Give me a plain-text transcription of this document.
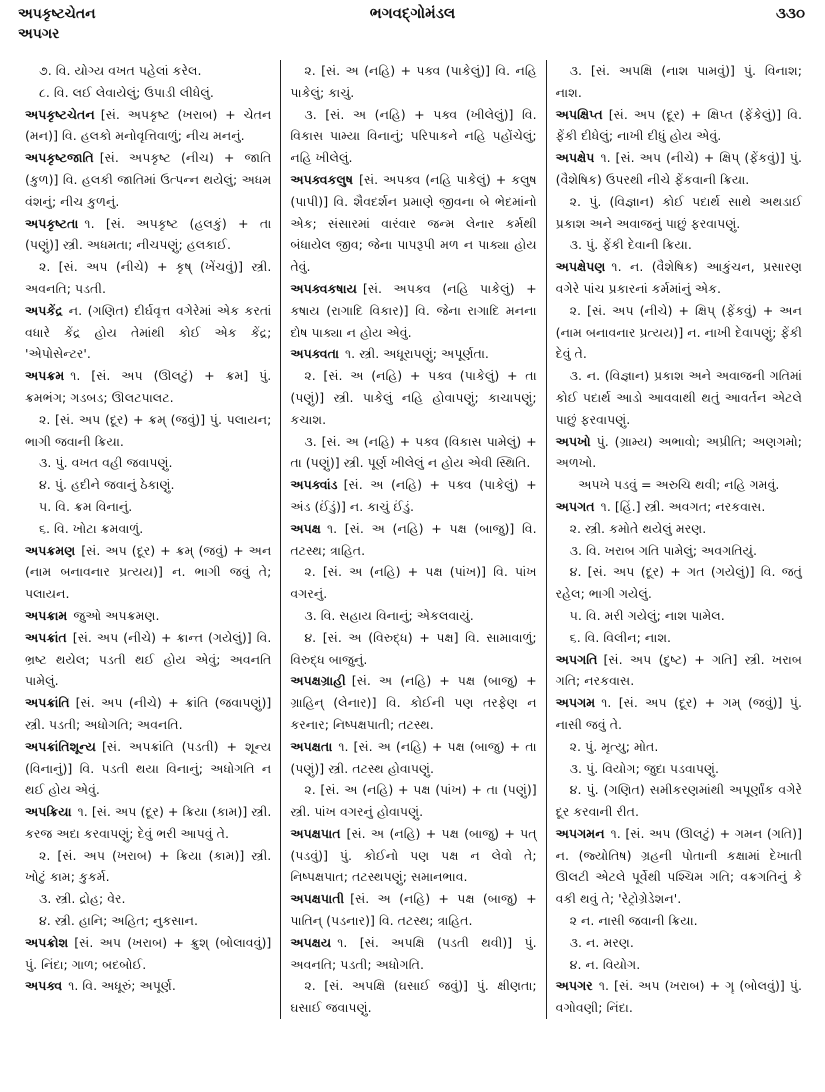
અપકૃષ્ટચેતન
અપગર
ભગવદ્ગોમંડલ	૩૩૦

૭. વિ. યોગ્ય વખત પહેલાં કરેલ.

૮. વિ. લઈ લેવાયેલું; ઉપાડી લીધેલું.

અપકૃષ્ટચેતન [સં. અપકૃષ્ટ (ખરાબ) + ચેતન (મન)] વિ. હલકો મનોવૃત્તિવાળું; નીચ મનનું.

અપકૃષ્ટજાતિ [સં. અપકૃષ્ટ (નીચ) + જાતિ (કુળ)] વિ. હલકી જાતિમાં ઉત્પન્ન થયેલું; અધમ વંશનું; નીચ કુળનું.

અપકૃષ્ટતા ૧. [સં. અપકૃષ્ટ (હલકું) + તા (પણું)] સ્ત્રી. અધમતા; નીચપણું; હલકાઈ.

૨. [સં. અપ (નીચે) + કૃષ્ (ખેંચવું)] સ્ત્રી. અવનતિ; પડતી.

અપકેંદ્ર ન. (ગણિત) દીર્ઘવૃત્ત વગેરેમાં એક કરતાં વધારે કેંદ્ર હોય તેમાંથી કોઈ એક કેંદ્ર; 'એપોસેન્ટર'.

અપક્રમ ૧. [સં. અપ (ઊલટું) + ક્રમ] પું. ક્રમભંગ; ગડબડ; ઊલટપાલટ.

૨. [સં. અપ (દૂર) + ક્રમ્ (જવું)] પું. પલાયન; ભાગી જવાની ક્રિયા.

૩. પું. વખત વહી જવાપણું.

૪. પું. હદીને જવાનું ઠેકાણું.

૫. વિ. ક્રમ વિનાનું.

૬. વિ. ખોટા ક્રમવાળું.

અપક્રમણ [સં. અપ (દૂર) + ક્રમ્ (જવું) + અન (નામ બનાવનાર પ્રત્યય)] ન. ભાગી જવું તે; પલાયન.

અપક્રામ જુઓ અપક્રમણ.

અપક્રાંત [સં. અપ (નીચે) + ક્રાન્ત (ગયેલું)] વિ. ભ્રષ્ટ થયેલ; પડતી થઈ હોય એવું; અવનતિ પામેલું.

અપક્રાંતિ [સં. અપ (નીચે) + ક્રાંતિ (જવાપણું)] સ્ત્રી. પડતી; અધોગતિ; અવનતિ.

અપક્રાંતિશૂન્ય [સં. અપક્રાંતિ (પડતી) + શૂન્ય (વિનાનું)] વિ. પડતી થયા વિનાનું; અધોગતિ ન થઈ હોય એવું.

અપક્રિયા ૧. [સં. અપ (દૂર) + ક્રિયા (કામ)] સ્ત્રી. કરજ અદા કરવાપણું; દેવું ભરી આપવું તે.

૨. [સં. અપ (ખરાબ) + ક્રિયા (કામ)] સ્ત્રી. ખોટું કામ; કુકર્મ.

૩. સ્ત્રી. દ્રોહ; વેર.

૪. સ્ત્રી. હાનિ; અહિત; નુકસાન.

અપક્રોશ [સં. અપ (ખરાબ) + ક્રુશ્ (બોલાવવું)] પું. નિંદા; ગાળ; બદબોઈ.

અપક્વ ૧. વિ. અધૂરું; અપૂર્ણ.

૨. [સં. અ (નહિ) + પક્વ (પાકેલું)] વિ. નહિ પાકેલું; કાચું.

૩. [સં. અ (નહિ) + પક્વ (ખીલેલું)] વિ. વિકાસ પામ્યા વિનાનું; પરિપાકને નહિ પહોંચેલું; નહિ ખીલેલું.

અપક્વકલુષ [સં. અપક્વ (નહિ પાકેલું) + કલુષ (પાપી)] વિ. શૈવદર્શન પ્રમાણે જીવના બે ભેદમાંનો એક; સંસારમાં વારંવાર જન્મ લેનાર કર્મથી બંધાયેલ જીવ; જેના પાપરૂપી મળ ન પાક્યા હોય તેવું.

અપક્વકષાય [સં. અપક્વ (નહિ પાકેલું) + કષાય (રાગાદિ વિકાર)] વિ. જેના રાગાદિ મનના દોષ પાક્યા ન હોય એવું.

અપક્વતા ૧. સ્ત્રી. અધૂરાપણું; અપૂર્ણતા.

૨. [સં. અ (નહિ) + પક્વ (પાકેલું) + તા (પણું)] સ્ત્રી. પાકેલું નહિ હોવાપણું; કાચાપણું; કચાશ.

૩. [સં. અ (નહિ) + પક્વ (વિકાસ પામેલું) + તા (પણું)] સ્ત્રી. પૂર્ણ ખીલેલું ન હોય એવી સ્થિતિ.

અપક્વાંડ [સં. અ (નહિ) + પક્વ (પાકેલું) + અંડ (ઈંડું)] ન. કાચું ઈંડું.

અપક્ષ ૧. [સં. અ (નહિ) + પક્ષ (બાજુ)] વિ. તટસ્થ; ત્રાહિત.

૨. [સં. અ (નહિ) + પક્ષ (પાંખ)] વિ. પાંખ વગરનું.

૩. વિ. સહાય વિનાનું; એકલવાયું.

૪. [સં. અ (વિરુદ્ધ) + પક્ષ] વિ. સામાવાળું; વિરુદ્ધ બાજુનું.

અપક્ષગ્રાહી [સં. અ (નહિ) + પક્ષ (બાજુ) + ગ્રાહિન્ (લેનાર)] વિ. કોઈની પણ તરફેણ ન કરનાર; નિષ્પક્ષપાતી; તટસ્થ.

અપક્ષતા ૧. [સં. અ (નહિ) + પક્ષ (બાજુ) + તા (પણું)] સ્ત્રી. તટસ્થ હોવાપણું.

૨. [સં. અ (નહિ) + પક્ષ (પાંખ) + તા (પણું)] સ્ત્રી. પાંખ વગરનું હોવાપણું.

અપક્ષપાત [સં. અ (નહિ) + પક્ષ (બાજુ) + પત્ (પડવું)] પું. કોઈનો પણ પક્ષ ન લેવો તે; નિષ્પક્ષપાત; તટસ્થપણું; સમાનભાવ.

અપક્ષપાતી [સં. અ (નહિ) + પક્ષ (બાજુ) + પાતિન્ (પડનાર)] વિ. તટસ્થ; ત્રાહિત.

અપક્ષય ૧. [સં. અપક્ષિ (પડતી થવી)] પું. અવનતિ; પડતી; અધોગતિ.

૨. [સં. અપક્ષિ (ઘસાઈ જવું)] પું. ક્ષીણતા; ઘસાઈ જવાપણું.

૩. [સં. અપક્ષિ (નાશ પામવું)] પું. વિનાશ; નાશ.

અપક્ષિપ્ત [સં. અપ (દૂર) + ક્ષિપ્ત (ફેંકેલું)] વિ. ફેંકી દીધેલું; નાખી દીધું હોય એવું.

અપક્ષેપ ૧. [સં. અપ (નીચે) + ક્ષિપ્ (ફેંકવું)] પું. (વૈશેષિક) ઉપરથી નીચે ફેંકવાની ક્રિયા.

૨. પું. (વિજ્ઞાન) કોઈ પદાર્થ સાથે અથડાઈ પ્રકાશ અને અવાજનું પાછું ફરવાપણું.

૩. પું. ફેંકી દેવાની ક્રિયા.

અપક્ષેપણ ૧. ન. (વૈશેષિક) આકુંચન, પ્રસારણ વગેરે પાંચ પ્રકારનાં કર્મમાંનું એક.

૨. [સં. અપ (નીચે) + ક્ષિપ્ (ફેંકવું) + અન (નામ બનાવનાર પ્રત્યય)] ન. નાખી દેવાપણું; ફેંકી દેવું તે.

૩. ન. (વિજ્ઞાન) પ્રકાશ અને અવાજની ગતિમાં કોઈ પદાર્થ આડો આવવાથી થતું આવર્તન એટલે પાછું ફરવાપણું.

અપખો પું. (ગ્રામ્ય) અભાવો; અપ્રીતિ; અણગમો; અળખો.

અપખે પડવું = અરુચિ થવી; નહિ ગમવું.

અપગત ૧. [હિં.] સ્ત્રી. અવગત; નરકવાસ.

૨. સ્ત્રી. કમોતે થયેલું મરણ.

૩. વિ. ખરાબ ગતિ પામેલું; અવગતિયું.

૪. [સં. અપ (દૂર) + ગત (ગયેલું)] વિ. જતું રહેલ; ભાગી ગયેલું.

૫. વિ. મરી ગયેલું; નાશ પામેલ.

૬. વિ. વિલીન; નાશ.

અપગતિ [સં. અપ (દુષ્ટ) + ગતિ] સ્ત્રી. ખરાબ ગતિ; નરકવાસ.

અપગમ ૧. [સં. અપ (દૂર) + ગમ્ (જવું)] પું. નાસી જવું તે.

૨. પું. મૃત્યુ; મોત.

૩. પું. વિયોગ; જુદા પડવાપણું.

૪. પું. (ગણિત) સમીકરણમાંથી અપૂર્ણાંક વગેરે દૂર કરવાની રીત.

અપગમન ૧. [સં. અપ (ઊલટું) + ગમન (ગતિ)] ન. (જ્યોતિષ) ગ્રહની પોતાની કક્ષામાં દેખાતી ઊલટી એટલે પૂર્વેથી પશ્ચિમ ગતિ; વક્રગતિનું કે વકી થવું તે; 'રેટ્રોગ્રેડેશન'.

૨ ન. નાસી જવાની ક્રિયા.

૩. ન. મરણ.

૪. ન. વિયોગ.

અપગર ૧. [સં. અપ (ખરાબ) + ગૄ (બોલવું)] પું. વગોવણી; નિંદા.
